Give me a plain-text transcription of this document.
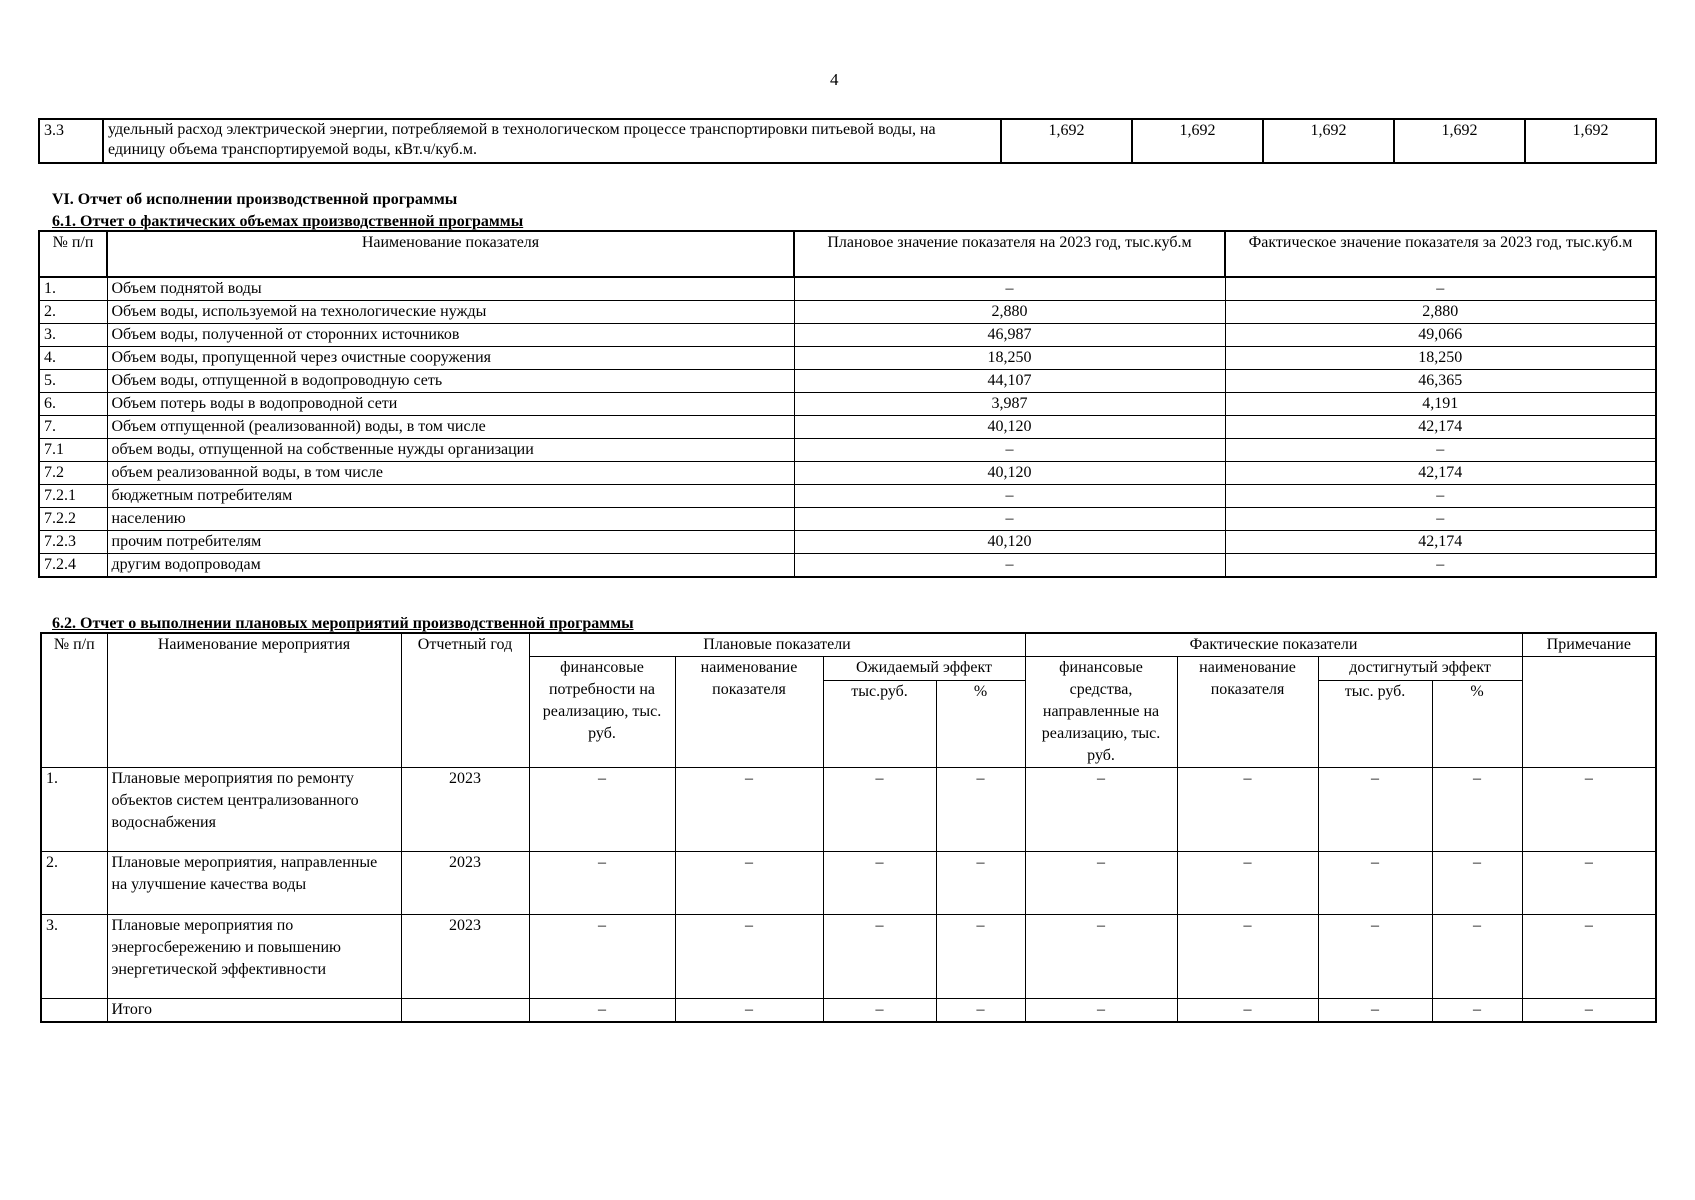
4
3.3	удельный расход электрической энергии, потребляемой в технологическом процессе транспортировки питьевой воды, на единицу объема транспортируемой воды, кВт.ч/куб.м.	1,692	1,692	1,692	1,692	1,692
VI. Отчет об исполнении производственной программы
6.1. Отчет о фактических объемах производственной программы
№ п/п	Наименование показателя	Плановое значение показателя на 2023 год, тыс.куб.м	Фактическое значение показателя за 2023 год, тыс.куб.м
1.	Объем поднятой воды	–	–
2.	Объем воды, используемой на технологические нужды	2,880	2,880
3.	Объем воды, полученной от сторонних источников	46,987	49,066
4.	Объем воды, пропущенной через очистные сооружения	18,250	18,250
5.	Объем воды, отпущенной в водопроводную сеть	44,107	46,365
6.	Объем потерь воды в водопроводной сети	3,987	4,191
7.	Объем отпущенной (реализованной) воды, в том числе	40,120	42,174
7.1	объем воды, отпущенной на собственные нужды организации	–	–
7.2	объем реализованной воды, в том числе	40,120	42,174
7.2.1	бюджетным потребителям	–	–
7.2.2	населению	–	–
7.2.3	прочим потребителям	40,120	42,174
7.2.4	другим водопроводам	–	–
6.2. Отчет о выполнении плановых мероприятий производственной программы
№ п/п	Наименование мероприятия	Отчетный год	Плановые показатели				Фактические показатели				Примечание
			финансовые потребности на реализацию, тыс. руб.	наименование показателя	Ожидаемый эффект		финансовые средства, направленные на реализацию, тыс. руб.	наименование показателя	достигнутый эффект		
					тыс.руб.	%			тыс. руб.	%	
1.	Плановые мероприятия по ремонту объектов систем централизованного водоснабжения	2023	–	–	–	–	–	–	–	–	–
2.	Плановые мероприятия, направленные на улучшение качества воды	2023	–	–	–	–	–	–	–	–	–
3.	Плановые мероприятия по энергосбережению и повышению энергетической эффективности	2023	–	–	–	–	–	–	–	–	–
	Итого		–	–	–	–	–	–	–	–	–
